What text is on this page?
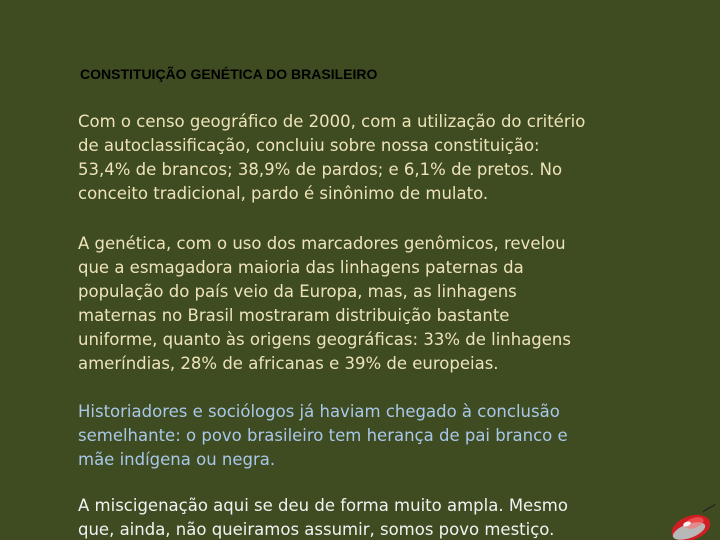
CONSTITUIÇÃO GENÉTICA DO BRASILEIRO

Com o censo geográfico de 2000, com a utilização do critério
de autoclassificação, concluiu sobre nossa constituição:
53,4% de brancos; 38,9% de pardos; e 6,1% de pretos. No
conceito tradicional, pardo é sinônimo de mulato.

A genética, com o uso dos marcadores genômicos, revelou
que a esmagadora maioria das linhagens paternas da
população do país veio da Europa, mas, as linhagens
maternas no Brasil mostraram distribuição bastante
uniforme, quanto às origens geográficas: 33% de linhagens
ameríndias, 28% de africanas e 39% de europeias.

Historiadores e sociólogos já haviam chegado à conclusão
semelhante: o povo brasileiro tem herança de pai branco e
mãe indígena ou negra.

A miscigenação aqui se deu de forma muito ampla. Mesmo
que, ainda, não queiramos assumir, somos povo mestiço.
